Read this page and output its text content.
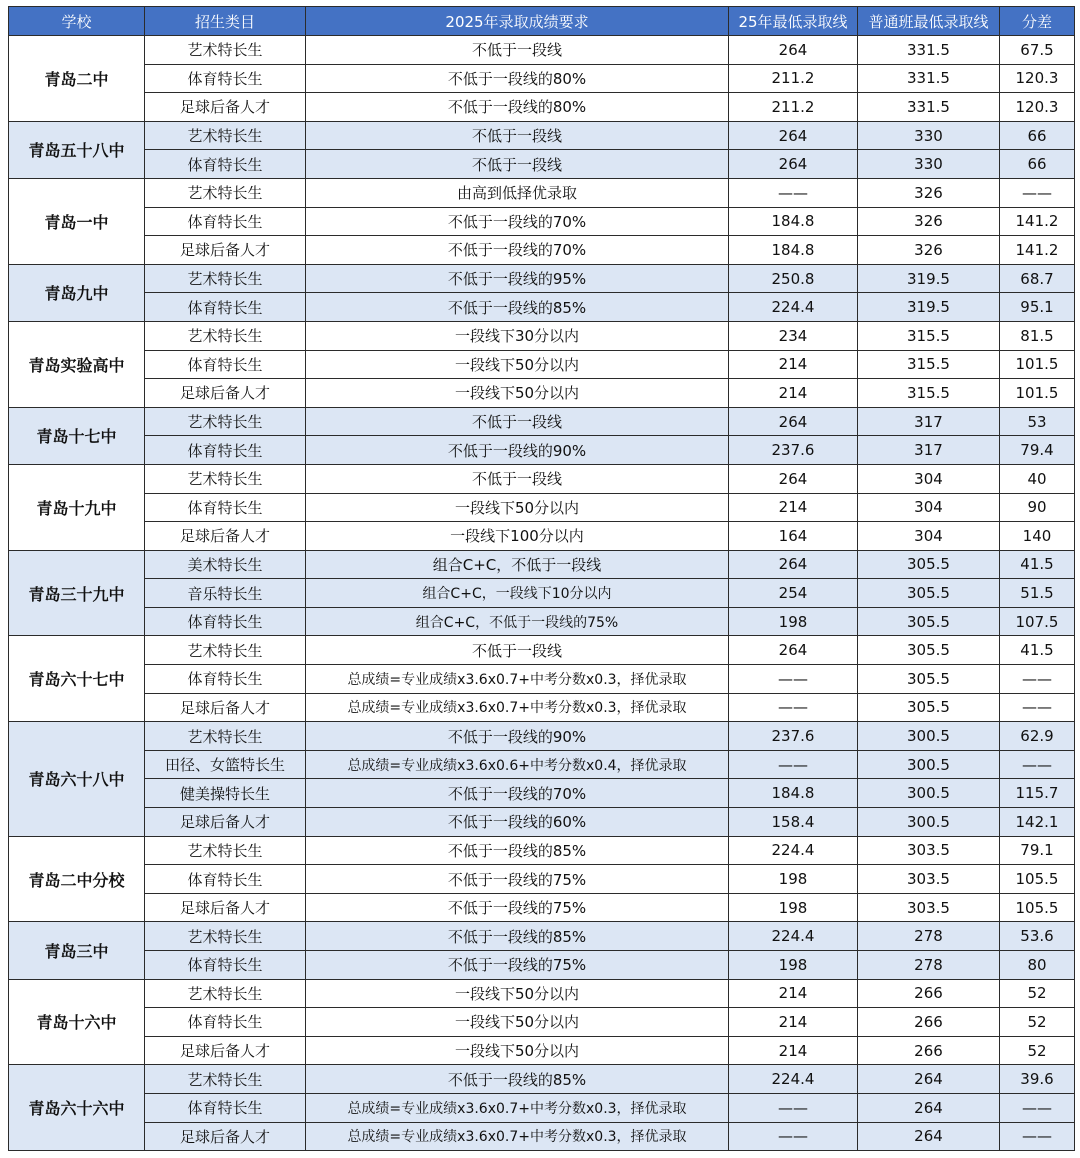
学校	招生类目	2025年录取成绩要求	25年最低录取线	普通班最低录取线	分差
青岛二中	艺术特长生	不低于一段线	264	331.5	67.5
	体育特长生	不低于一段线的80%	211.2	331.5	120.3
	足球后备人才	不低于一段线的80%	211.2	331.5	120.3
青岛五十八中	艺术特长生	不低于一段线	264	330	66
	体育特长生	不低于一段线	264	330	66
青岛一中	艺术特长生	由高到低择优录取	——	326	——
	体育特长生	不低于一段线的70%	184.8	326	141.2
	足球后备人才	不低于一段线的70%	184.8	326	141.2
青岛九中	艺术特长生	不低于一段线的95%	250.8	319.5	68.7
	体育特长生	不低于一段线的85%	224.4	319.5	95.1
青岛实验高中	艺术特长生	一段线下30分以内	234	315.5	81.5
	体育特长生	一段线下50分以内	214	315.5	101.5
	足球后备人才	一段线下50分以内	214	315.5	101.5
青岛十七中	艺术特长生	不低于一段线	264	317	53
	体育特长生	不低于一段线的90%	237.6	317	79.4
青岛十九中	艺术特长生	不低于一段线	264	304	40
	体育特长生	一段线下50分以内	214	304	90
	足球后备人才	一段线下100分以内	164	304	140
青岛三十九中	美术特长生	组合C+C，不低于一段线	264	305.5	41.5
	音乐特长生	组合C+C，一段线下10分以内	254	305.5	51.5
	体育特长生	组合C+C，不低于一段线的75%	198	305.5	107.5
青岛六十七中	艺术特长生	不低于一段线	264	305.5	41.5
	体育特长生	总成绩=专业成绩x3.6x0.7+中考分数x0.3，择优录取	——	305.5	——
	足球后备人才	总成绩=专业成绩x3.6x0.7+中考分数x0.3，择优录取	——	305.5	——
青岛六十八中	艺术特长生	不低于一段线的90%	237.6	300.5	62.9
	田径、女篮特长生	总成绩=专业成绩x3.6x0.6+中考分数x0.4，择优录取	——	300.5	——
	健美操特长生	不低于一段线的70%	184.8	300.5	115.7
	足球后备人才	不低于一段线的60%	158.4	300.5	142.1
青岛二中分校	艺术特长生	不低于一段线的85%	224.4	303.5	79.1
	体育特长生	不低于一段线的75%	198	303.5	105.5
	足球后备人才	不低于一段线的75%	198	303.5	105.5
青岛三中	艺术特长生	不低于一段线的85%	224.4	278	53.6
	体育特长生	不低于一段线的75%	198	278	80
青岛十六中	艺术特长生	一段线下50分以内	214	266	52
	体育特长生	一段线下50分以内	214	266	52
	足球后备人才	一段线下50分以内	214	266	52
青岛六十六中	艺术特长生	不低于一段线的85%	224.4	264	39.6
	体育特长生	总成绩=专业成绩x3.6x0.7+中考分数x0.3，择优录取	——	264	——
	足球后备人才	总成绩=专业成绩x3.6x0.7+中考分数x0.3，择优录取	——	264	——
